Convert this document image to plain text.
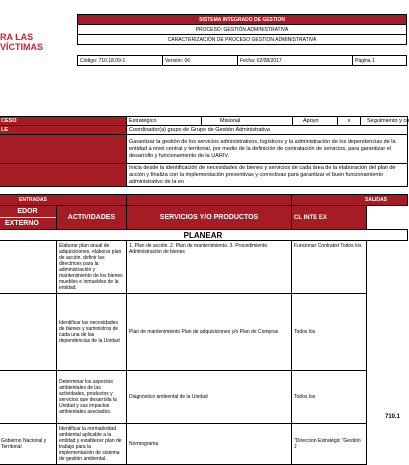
RA LAS VÍCTIMAS
SISTEMA INTEGRADO DE GESTION
PROCESO: GESTIÓN ADMINISTRATIVA
CARACTERIZACIÓN DE PROCESO GESTION ADMINISTRATIVA
Código: 710.18.09-1	Versión: 06	Fecha: 02/08/2017	Página 1
CESO		Estratégico	Misional	Apoyo	x	Seguimiento y co

LE	Coordinador(a) grupo de Grupo de Gestión Administrativa
	Garantizar la gestión de los servicios administrativos, logísticos y la administración de los dependencias de la entidad a nivel central y territorial, por medio de la definición de contratación de servicios, para garantizar el desarrollo y funcionamiento de la UARIV.
	Inicia desde la identificación de necesidades de bienes y servicios de cada área de la elaboración del plan de acción y finaliza con la implementación preventivas y correctivas para garantizar el buen funcionamiento administrativo de la en
ENTRADAS			SALIDAS

EDOR
EXTERNO		ACTIVIDADES	SERVICIOS Y/O PRODUCTOS	CL INTE EX
PLANEAR			
		Elaborar plan anual de adquisiciones, elaborar plan de acción, definir las directrices para la administración y mantenimiento de los bienes muebles e inmuebles de la entidad.	1. Plan de acción. 2. Plan de mantenimiento. 3. Procedimiento Administración de bienes	Funcionar Contratist Todos los
		Identificar las necesidades de bienes y suministros de cada una de las dependencias de la Unidad	Plan de mantenimiento Plan de adquisiciones y/o Plan de Compras	Todos los
		Determinar los aspectos ambientales de las actividades, productos y servicios que desarrolla la Unidad y sus impactos ambientales asociados.	Diagnóstico ambiental de la Unidad	Todos los
Gobierno Nacional y Territorial		Identificar la normatividad ambiental aplicable a la entidad y establecer plan de trabajo para la implementación de sistema de gestión ambiental.	Normograma	"Direccion Estratégic "Gestión J
710.1
